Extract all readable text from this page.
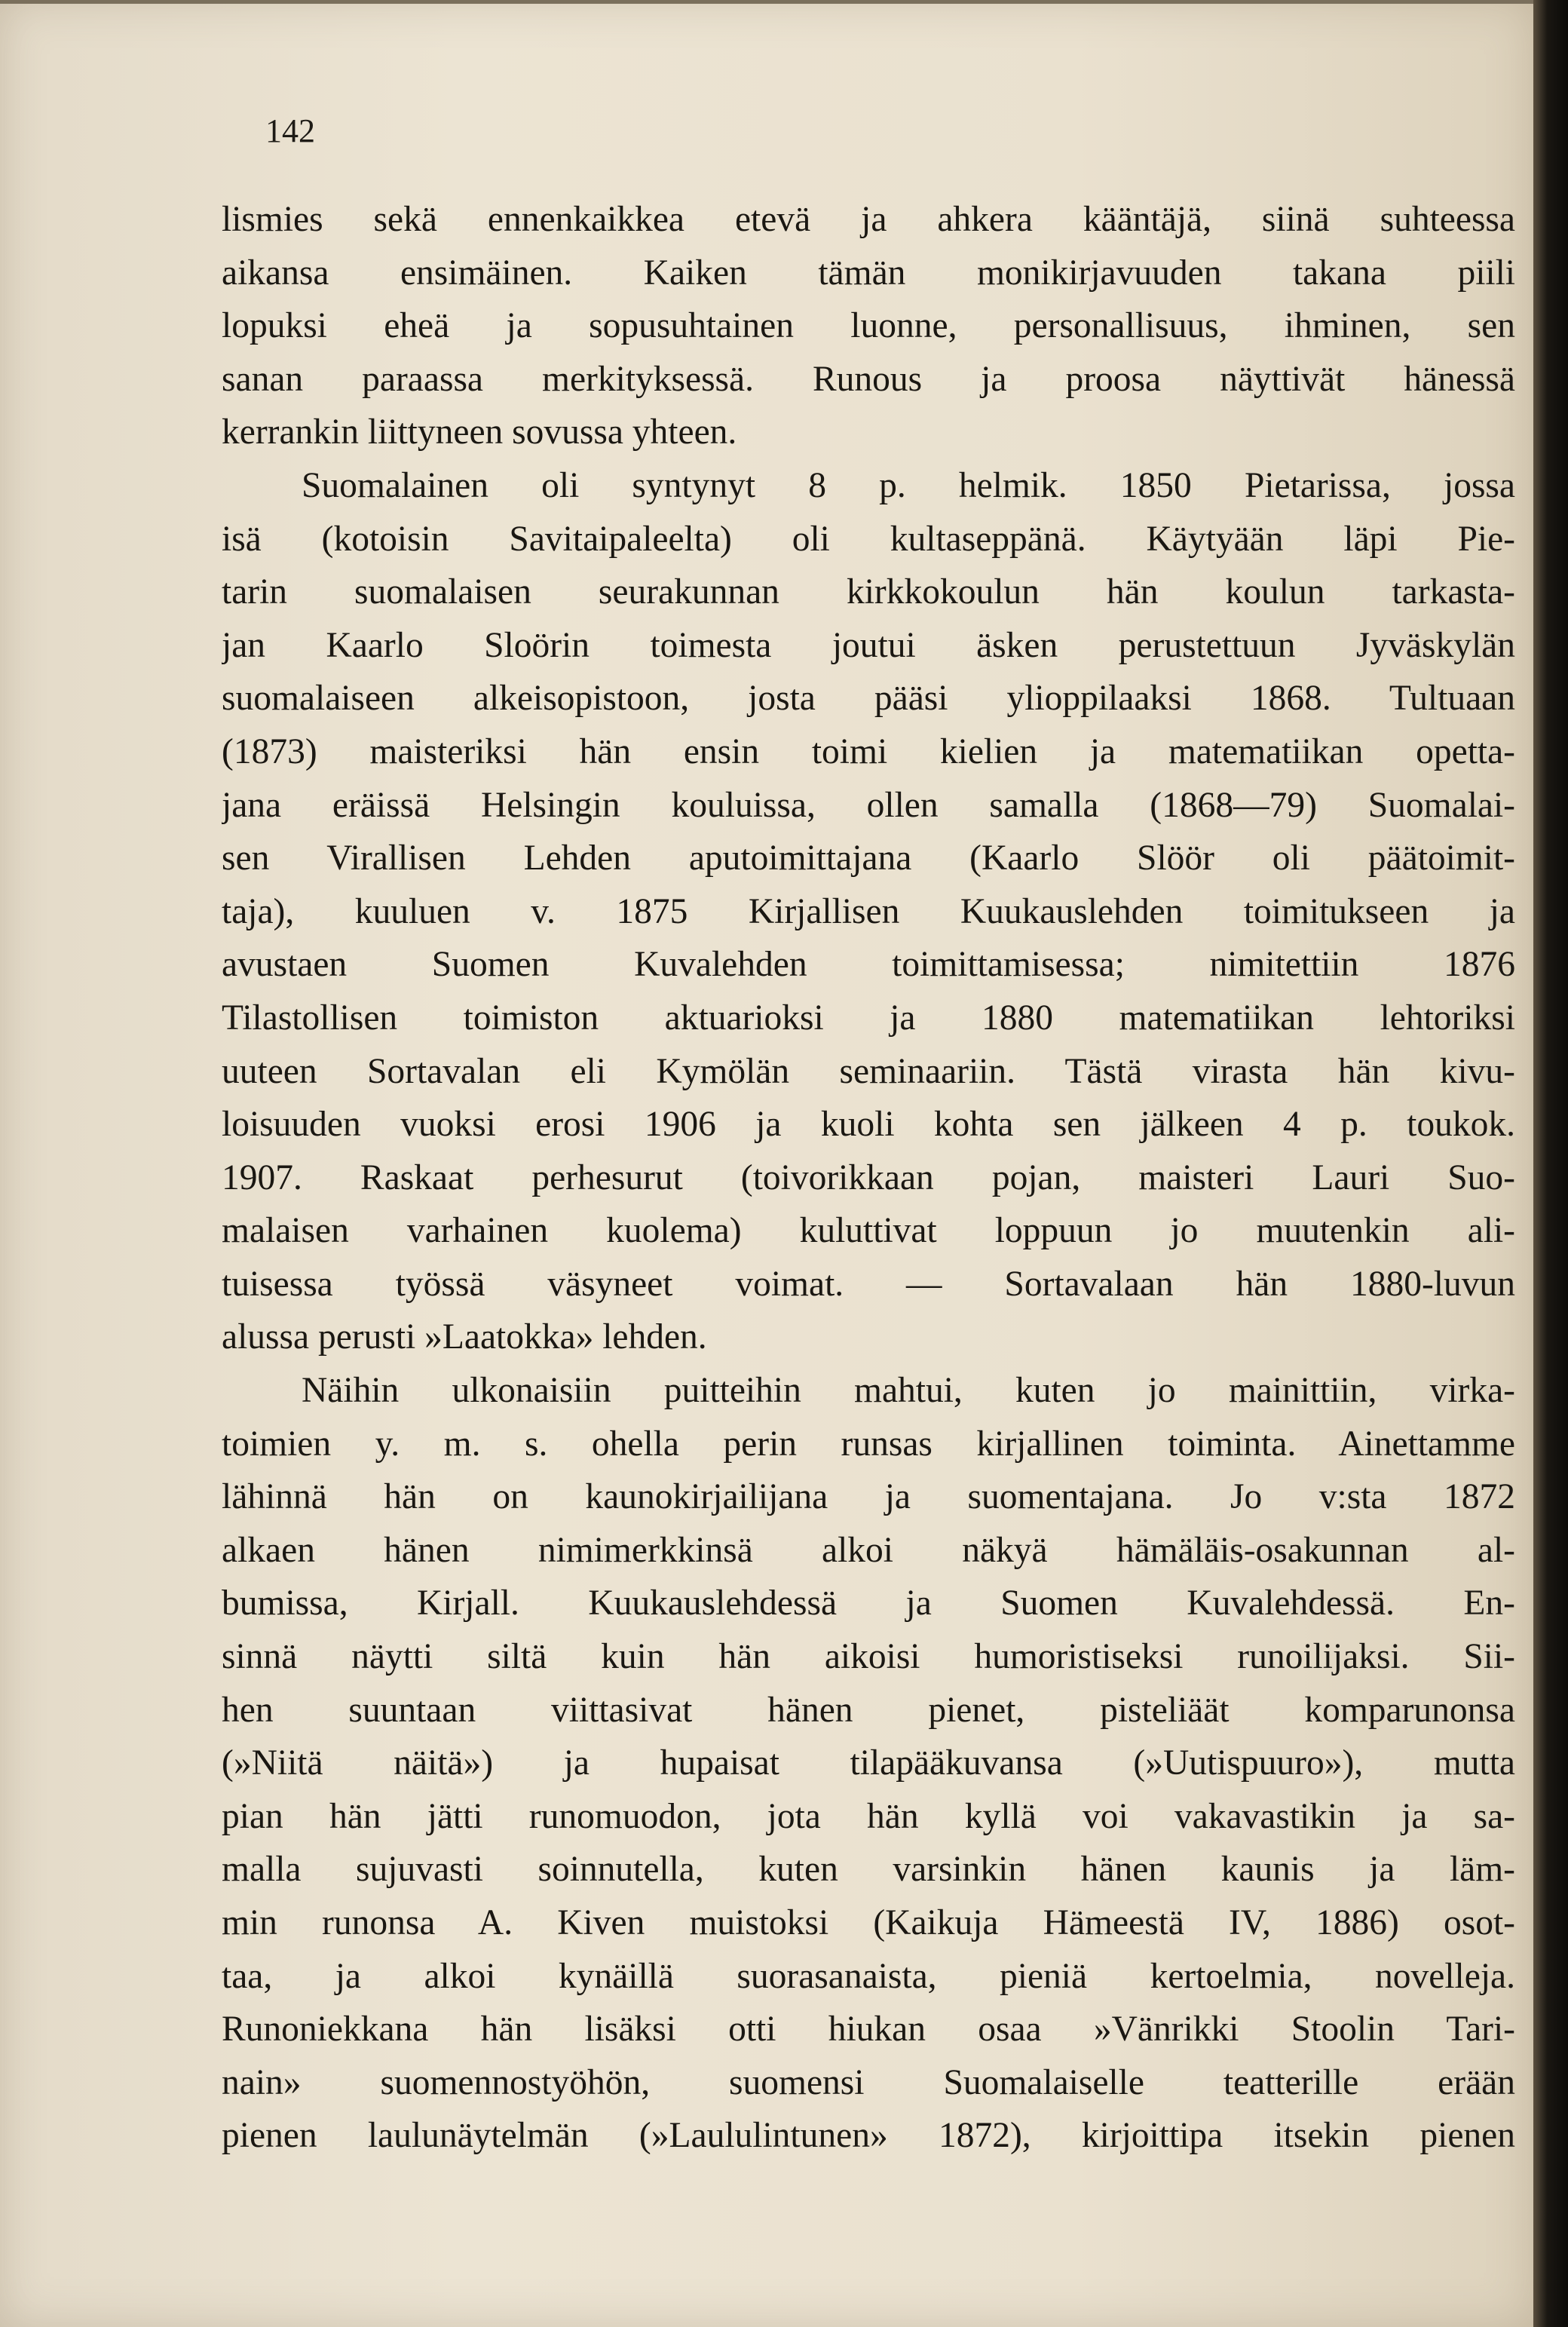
142
lismies sekä ennenkaikkea etevä ja ahkera kääntäjä, siinä suhteessa
aikansa ensimäinen. Kaiken tämän monikirjavuuden takana piili
lopuksi eheä ja sopusuhtainen luonne, personallisuus, ihminen, sen
sanan paraassa merkityksessä. Runous ja proosa näyttivät hänessä
kerrankin liittyneen sovussa yhteen.
Suomalainen oli syntynyt 8 p. helmik. 1850 Pietarissa, jossa
isä (kotoisin Savitaipaleelta) oli kultaseppänä. Käytyään läpi Pie-
tarin suomalaisen seurakunnan kirkkokoulun hän koulun tarkasta-
jan Kaarlo Sloörin toimesta joutui äsken perustettuun Jyväskylän
suomalaiseen alkeisopistoon, josta pääsi ylioppilaaksi 1868. Tultuaan
(1873) maisteriksi hän ensin toimi kielien ja matematiikan opetta-
jana eräissä Helsingin kouluissa, ollen samalla (1868—79) Suomalai-
sen Virallisen Lehden aputoimittajana (Kaarlo Slöör oli päätoimit-
taja), kuuluen v. 1875 Kirjallisen Kuukauslehden toimitukseen ja
avustaen Suomen Kuvalehden toimittamisessa; nimitettiin 1876
Tilastollisen toimiston aktuarioksi ja 1880 matematiikan lehtoriksi
uuteen Sortavalan eli Kymölän seminaariin. Tästä virasta hän kivu-
loisuuden vuoksi erosi 1906 ja kuoli kohta sen jälkeen 4 p. toukok.
1907. Raskaat perhesurut (toivorikkaan pojan, maisteri Lauri Suo-
malaisen varhainen kuolema) kuluttivat loppuun jo muutenkin ali-
tuisessa työssä väsyneet voimat. — Sortavalaan hän 1880-luvun
alussa perusti »Laatokka» lehden.
Näihin ulkonaisiin puitteihin mahtui, kuten jo mainittiin, virka-
toimien y. m. s. ohella perin runsas kirjallinen toiminta. Ainettamme
lähinnä hän on kaunokirjailijana ja suomentajana. Jo v:sta 1872
alkaen hänen nimimerkkinsä alkoi näkyä hämäläis-osakunnan al-
bumissa, Kirjall. Kuukauslehdessä ja Suomen Kuvalehdessä. En-
sinnä näytti siltä kuin hän aikoisi humoristiseksi runoilijaksi. Sii-
hen suuntaan viittasivat hänen pienet, pisteliäät komparunonsa
(»Niitä näitä») ja hupaisat tilapääkuvansa (»Uutispuuro»), mutta
pian hän jätti runomuodon, jota hän kyllä voi vakavastikin ja sa-
malla sujuvasti soinnutella, kuten varsinkin hänen kaunis ja läm-
min runonsa A. Kiven muistoksi (Kaikuja Hämeestä IV, 1886) osot-
taa, ja alkoi kynäillä suorasanaista, pieniä kertoelmia, novelleja.
Runoniekkana hän lisäksi otti hiukan osaa »Vänrikki Stoolin Tari-
nain» suomennostyöhön, suomensi Suomalaiselle teatterille erään
pienen laulunäytelmän (»Laululintunen» 1872), kirjoittipa itsekin pienen
